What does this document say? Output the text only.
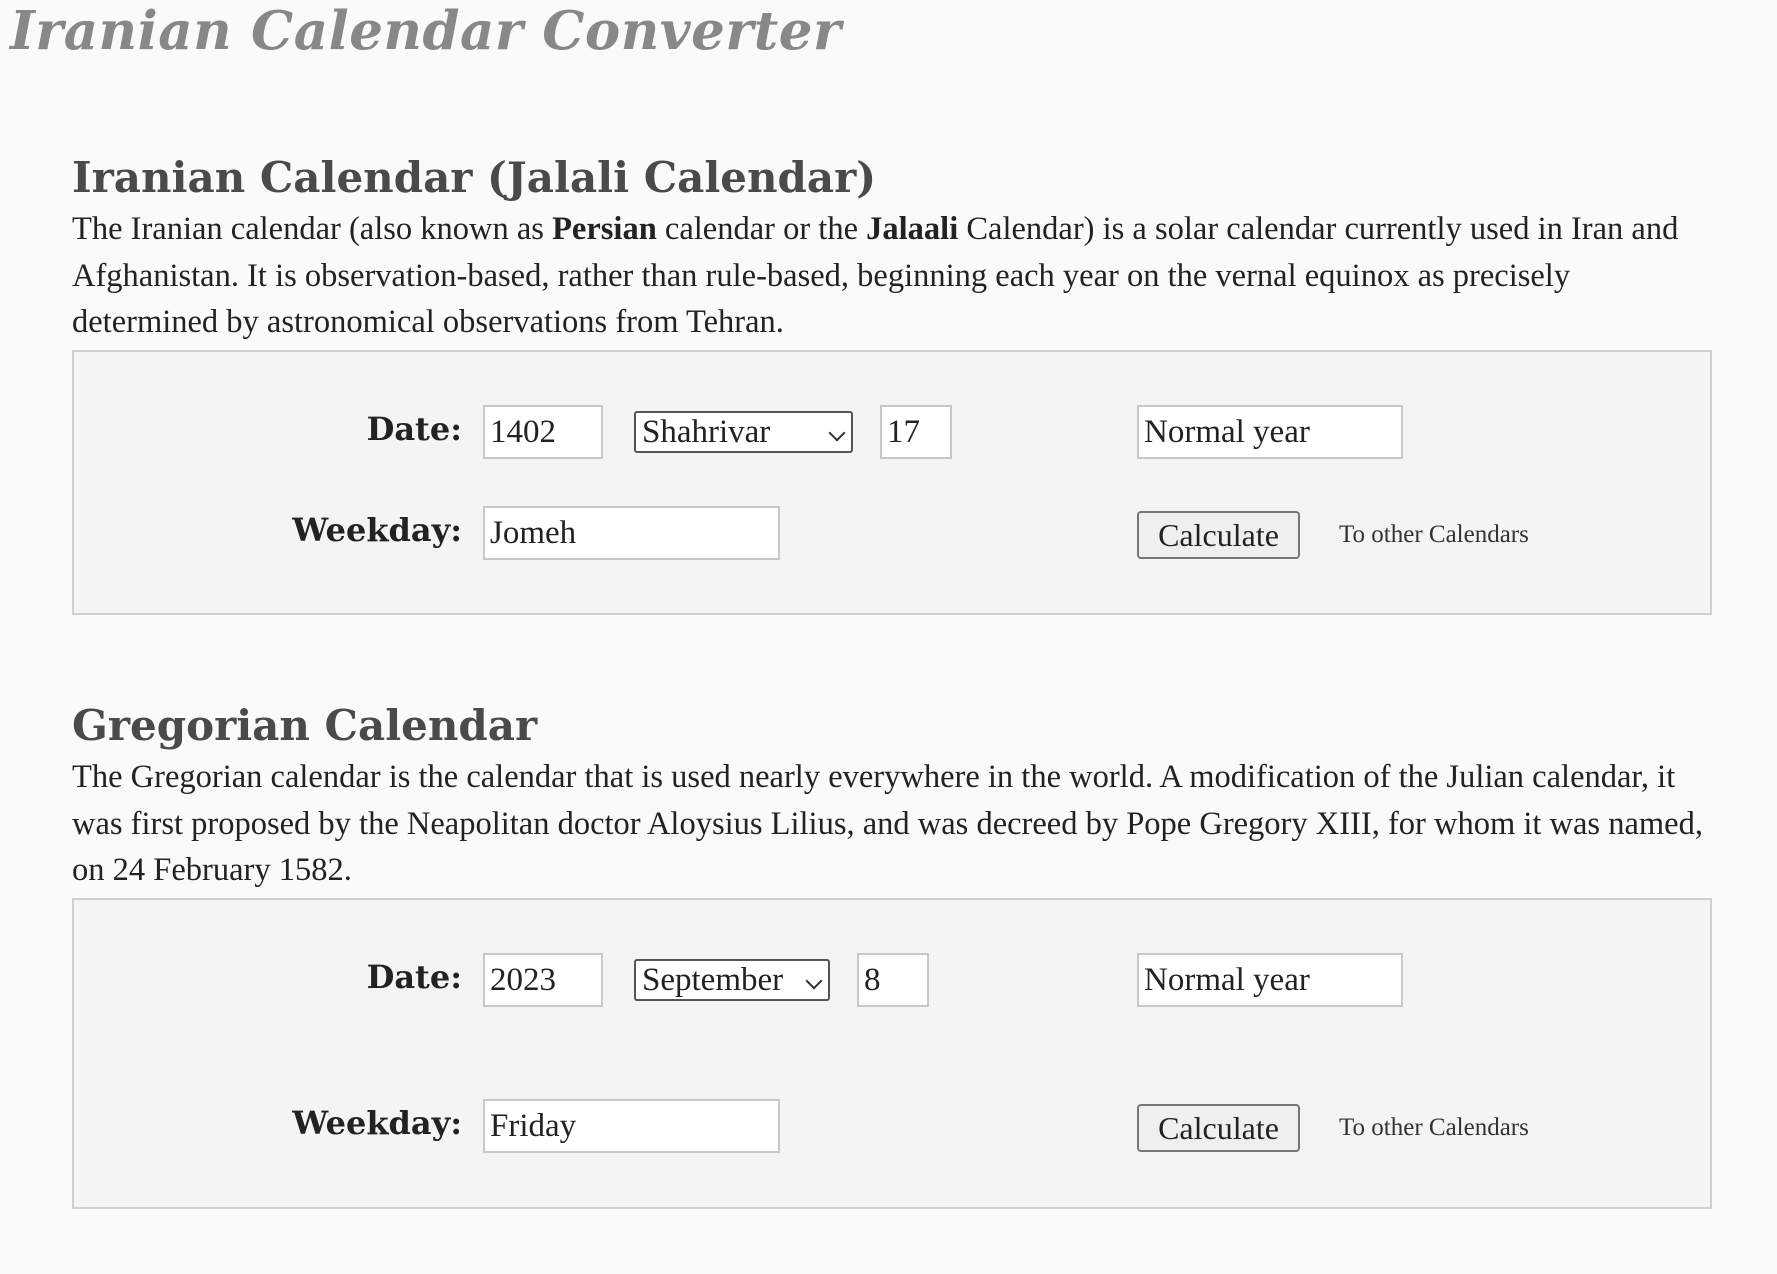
Iranian Calendar Converter
Iranian Calendar (Jalali Calendar)

The Iranian calendar (also known as Persian calendar or the Jalaali Calendar) is a solar calendar currently used in Iran and Afghanistan. It is observation-based, rather than rule-based, beginning each year on the vernal equinox as precisely determined by astronomical observations from Tehran.

Date: 1402	Shahrivar	17	Normal year
Weekday: Jomeh	Calculate	To other Calendars
Gregorian Calendar

The Gregorian calendar is the calendar that is used nearly everywhere in the world. A modification of the Julian calendar, it was first proposed by the Neapolitan doctor Aloysius Lilius, and was decreed by Pope Gregory XIII, for whom it was named, on 24 February 1582.

Date: 2023	September	8	Normal year
Weekday: Friday	Calculate	To other Calendars
